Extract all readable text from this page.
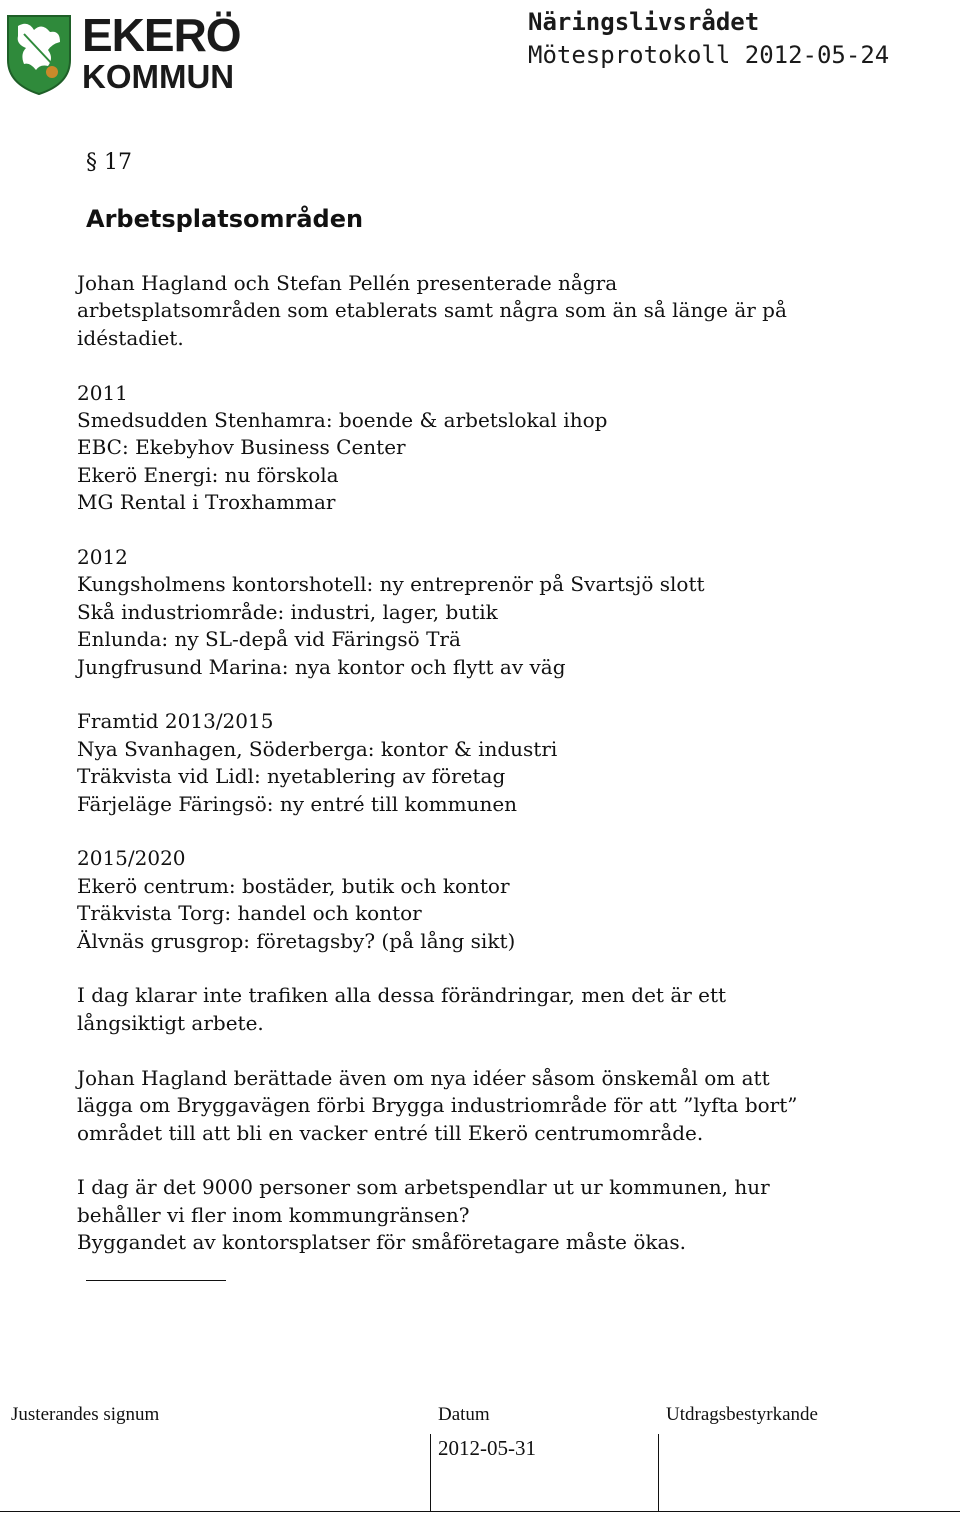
EKERÖ
KOMMUN
Näringslivsrådet
Mötesprotokoll 2012-05-24
§ 17
Arbetsplatsområden

Johan Hagland och Stefan Pellén presenterade några

arbetsplatsområden som etablerats samt några som än så länge är på

idéstadiet.

2011

Smedsudden Stenhamra: boende & arbetslokal ihop

EBC: Ekebyhov Business Center

Ekerö Energi: nu förskola

MG Rental i Troxhammar

2012

Kungsholmens kontorshotell: ny entreprenör på Svartsjö slott

Skå industriområde: industri, lager, butik

Enlunda: ny SL-depå vid Färingsö Trä

Jungfrusund Marina: nya kontor och flytt av väg

Framtid 2013/2015

Nya Svanhagen, Söderberga: kontor & industri

Träkvista vid Lidl: nyetablering av företag

Färjeläge Färingsö: ny entré till kommunen

2015/2020

Ekerö centrum: bostäder, butik och kontor

Träkvista Torg: handel och kontor

Älvnäs grusgrop: företagsby? (på lång sikt)

I dag klarar inte trafiken alla dessa förändringar, men det är ett

långsiktigt arbete.

Johan Hagland berättade även om nya idéer såsom önskemål om att

lägga om Bryggavägen förbi Brygga industriområde för att ”lyfta bort”

området till att bli en vacker entré till Ekerö centrumområde.

I dag är det 9000 personer som arbetspendlar ut ur kommunen, hur

behåller vi fler inom kommungränsen?

Byggandet av kontorsplatser för småföretagare måste ökas.

Justerandes signum	Datum	Utdragsbestyrkande
2012-05-31
